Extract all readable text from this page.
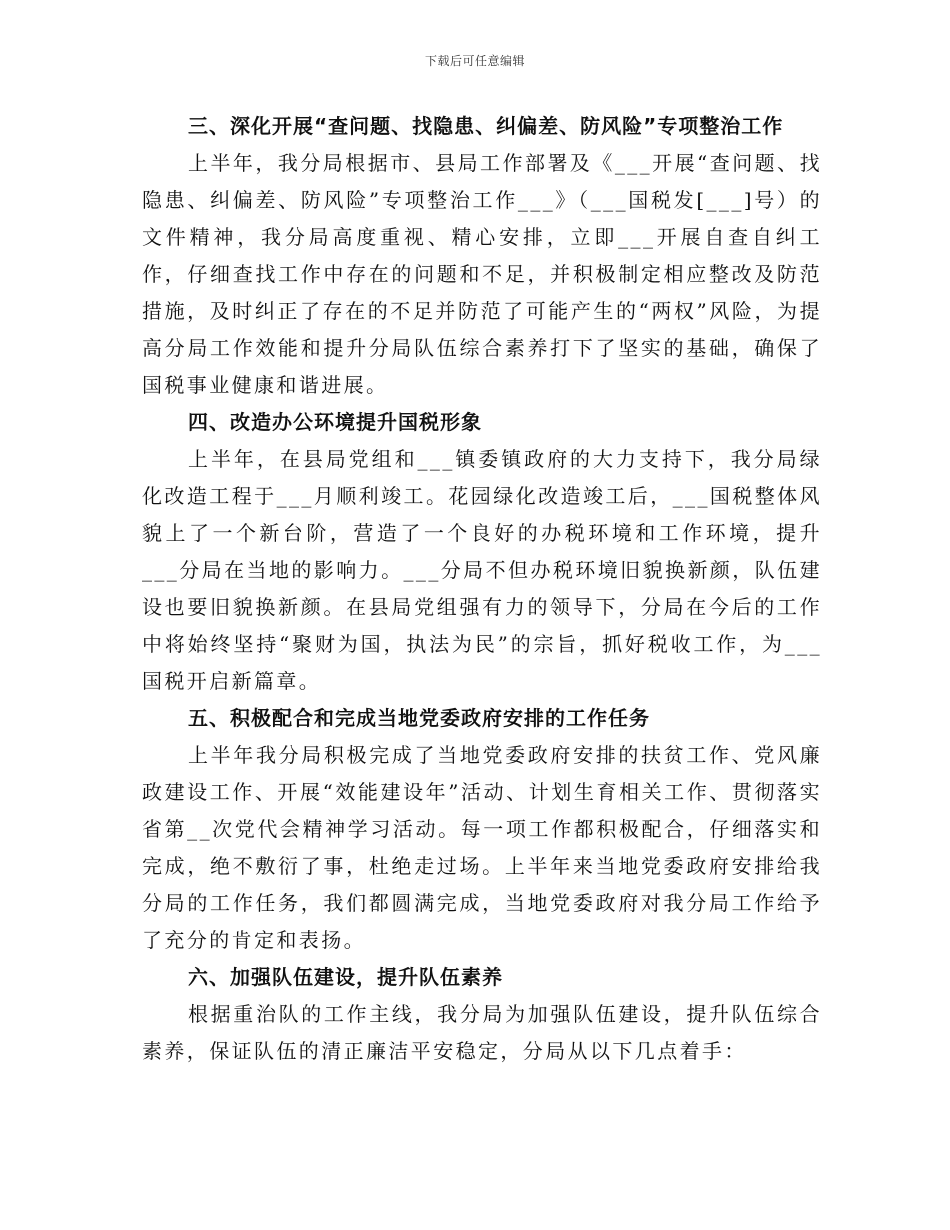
下载后可任意编辑

三、深化开展“查问题、找隐患、纠偏差、防风险”专项整治工作

上半年，我分局根据市、县局工作部署及《___开展“查问题、找隐患、纠偏差、防风险”专项整治工作___》（___国税发[___]号）的文件精神，我分局高度重视、精心安排，立即___开展自查自纠工作，仔细查找工作中存在的问题和不足，并积极制定相应整改及防范措施，及时纠正了存在的不足并防范了可能产生的“两权”风险，为提高分局工作效能和提升分局队伍综合素养打下了坚实的基础，确保了国税事业健康和谐进展。

四、改造办公环境提升国税形象

上半年，在县局党组和___镇委镇政府的大力支持下，我分局绿化改造工程于___月顺利竣工。花园绿化改造竣工后，___国税整体风貌上了一个新台阶，营造了一个良好的办税环境和工作环境，提升___分局在当地的影响力。___分局不但办税环境旧貌换新颜，队伍建设也要旧貌换新颜。在县局党组强有力的领导下，分局在今后的工作中将始终坚持“聚财为国，执法为民”的宗旨，抓好税收工作，为___国税开启新篇章。

五、积极配合和完成当地党委政府安排的工作任务

上半年我分局积极完成了当地党委政府安排的扶贫工作、党风廉政建设工作、开展“效能建设年”活动、计划生育相关工作、贯彻落实省第__次党代会精神学习活动。每一项工作都积极配合，仔细落实和完成，绝不敷衍了事，杜绝走过场。上半年来当地党委政府安排给我分局的工作任务，我们都圆满完成，当地党委政府对我分局工作给予了充分的肯定和表扬。

六、加强队伍建设，提升队伍素养

根据重治队的工作主线，我分局为加强队伍建设，提升队伍综合素养，保证队伍的清正廉洁平安稳定，分局从以下几点着手：
